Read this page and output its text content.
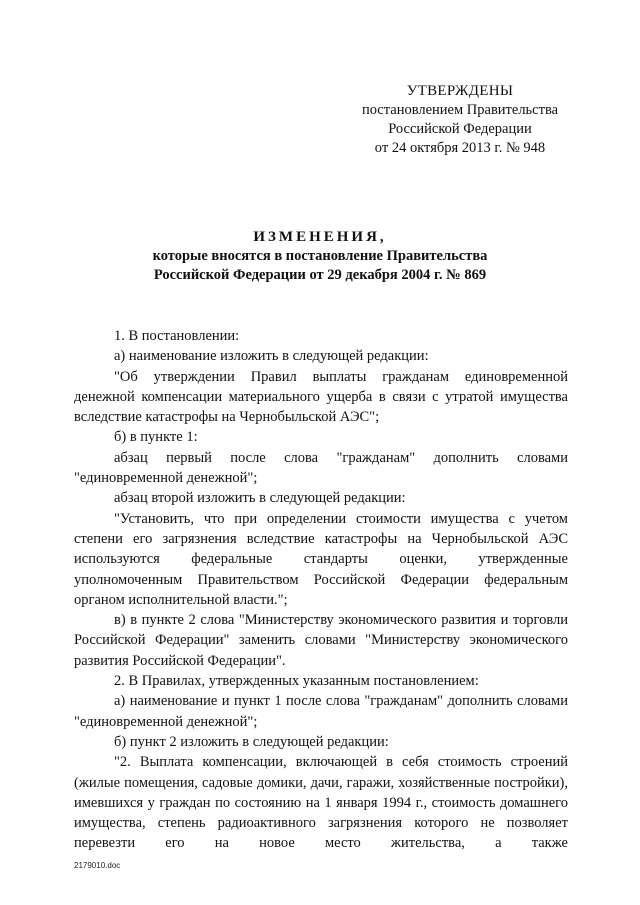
УТВЕРЖДЕНЫ
постановлением Правительства
Российской Федерации
от 24 октября 2013 г. № 948
ИЗМЕНЕНИЯ,
которые вносятся в постановление Правительства
Российской Федерации от 29 декабря 2004 г. № 869

1. В постановлении:

а) наименование изложить в следующей редакции:

"Об утверждении Правил выплаты гражданам единовременной денежной компенсации материального ущерба в связи с утратой имущества вследствие катастрофы на Чернобыльской АЭС";

б) в пункте 1:

абзац первый после слова "гражданам" дополнить словами "единовременной денежной";

абзац второй изложить в следующей редакции:

"Установить, что при определении стоимости имущества с учетом степени его загрязнения вследствие катастрофы на Чернобыльской АЭС используются федеральные стандарты оценки, утвержденные уполномоченным Правительством Российской Федерации федеральным органом исполнительной власти.";

в) в пункте 2 слова "Министерству экономического развития и торговли Российской Федерации" заменить словами "Министерству экономического развития Российской Федерации".

2. В Правилах, утвержденных указанным постановлением:

а) наименование и пункт 1 после слова "гражданам" дополнить словами "единовременной денежной";

б) пункт 2 изложить в следующей редакции:

"2. Выплата компенсации, включающей в себя стоимость строений (жилые помещения, садовые домики, дачи, гаражи, хозяйственные постройки), имевшихся у граждан по состоянию на 1 января 1994 г., стоимость домашнего имущества, степень радиоактивного загрязнения которого не позволяет перевезти его на новое место жительства, а также

2179010.doc
